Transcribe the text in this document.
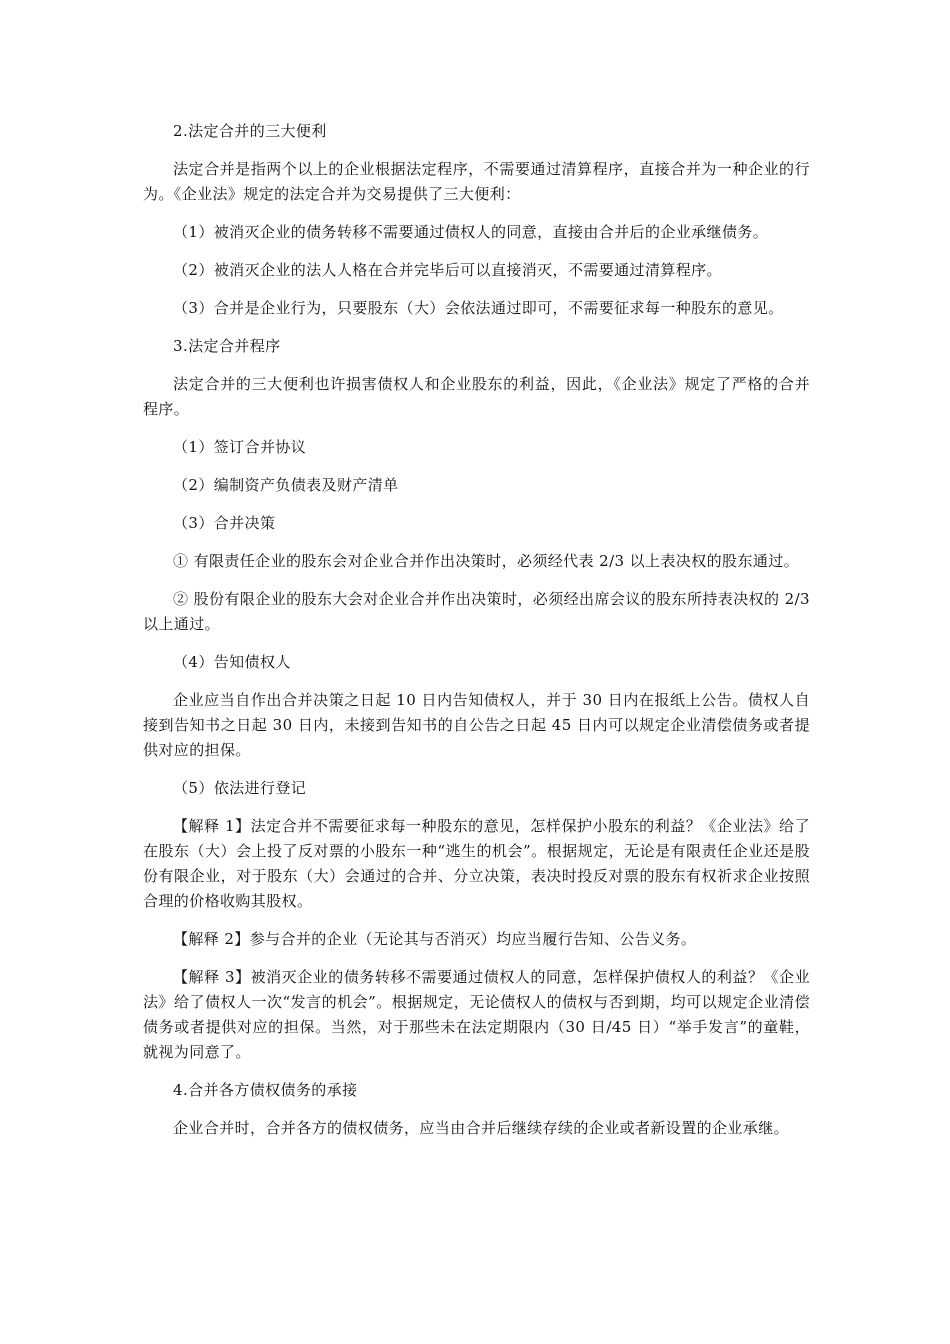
2.法定合并的三大便利

法定合并是指两个以上的企业根据法定程序，不需要通过清算程序，直接合并为一种企业的行为。《企业法》规定的法定合并为交易提供了三大便利：

（1）被消灭企业的债务转移不需要通过债权人的同意，直接由合并后的企业承继债务。

（2）被消灭企业的法人人格在合并完毕后可以直接消灭，不需要通过清算程序。

（3）合并是企业行为，只要股东（大）会依法通过即可，不需要征求每一种股东的意见。

3.法定合并程序

法定合并的三大便利也许损害债权人和企业股东的利益，因此，《企业法》规定了严格的合并程序。

（1）签订合并协议

（2）编制资产负债表及财产清单

（3）合并决策

① 有限责任企业的股东会对企业合并作出决策时，必须经代表 2/3 以上表决权的股东通过。

② 股份有限企业的股东大会对企业合并作出决策时，必须经出席会议的股东所持表决权的 2/3 以上通过。

（4）告知债权人

企业应当自作出合并决策之日起 10 日内告知债权人，并于 30 日内在报纸上公告。债权人自接到告知书之日起 30 日内，未接到告知书的自公告之日起 45 日内可以规定企业清偿债务或者提供对应的担保。

（5）依法进行登记

【解释 1】法定合并不需要征求每一种股东的意见，怎样保护小股东的利益？《企业法》给了在股东（大）会上投了反对票的小股东一种“逃生的机会”。根据规定，无论是有限责任企业还是股份有限企业，对于股东（大）会通过的合并、分立决策，表决时投反对票的股东有权祈求企业按照合理的价格收购其股权。

【解释 2】参与合并的企业（无论其与否消灭）均应当履行告知、公告义务。

【解释 3】被消灭企业的债务转移不需要通过债权人的同意，怎样保护债权人的利益？《企业法》给了债权人一次“发言的机会”。根据规定，无论债权人的债权与否到期，均可以规定企业清偿债务或者提供对应的担保。当然，对于那些未在法定期限内（30 日/45 日）“举手发言”的童鞋，就视为同意了。

4.合并各方债权债务的承接

企业合并时，合并各方的债权债务，应当由合并后继续存续的企业或者新设置的企业承继。
